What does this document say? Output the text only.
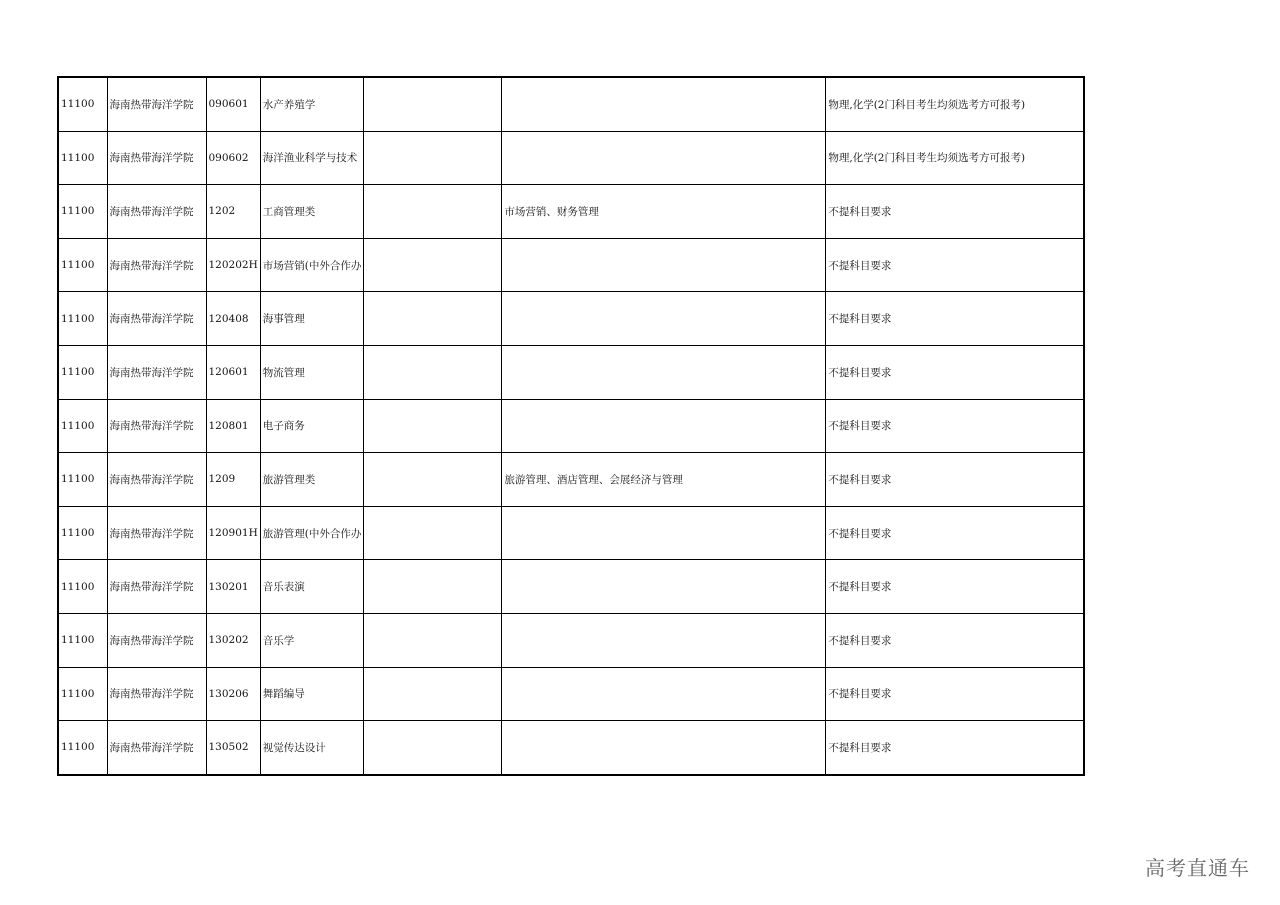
11100	海南热带海洋学院	090601	水产养殖学			物理,化学(2门科目考生均须选考方可报考)
11100	海南热带海洋学院	090602	海洋渔业科学与技术			物理,化学(2门科目考生均须选考方可报考)
11100	海南热带海洋学院	1202	工商管理类		市场营销、财务管理	不提科目要求
11100	海南热带海洋学院	120202H	市场营销(中外合作办			不提科目要求
11100	海南热带海洋学院	120408	海事管理			不提科目要求
11100	海南热带海洋学院	120601	物流管理			不提科目要求
11100	海南热带海洋学院	120801	电子商务			不提科目要求
11100	海南热带海洋学院	1209	旅游管理类		旅游管理、酒店管理、会展经济与管理	不提科目要求
11100	海南热带海洋学院	120901H	旅游管理(中外合作办			不提科目要求
11100	海南热带海洋学院	130201	音乐表演			不提科目要求
11100	海南热带海洋学院	130202	音乐学			不提科目要求
11100	海南热带海洋学院	130206	舞蹈编导			不提科目要求
11100	海南热带海洋学院	130502	视觉传达设计			不提科目要求
高考直通车
